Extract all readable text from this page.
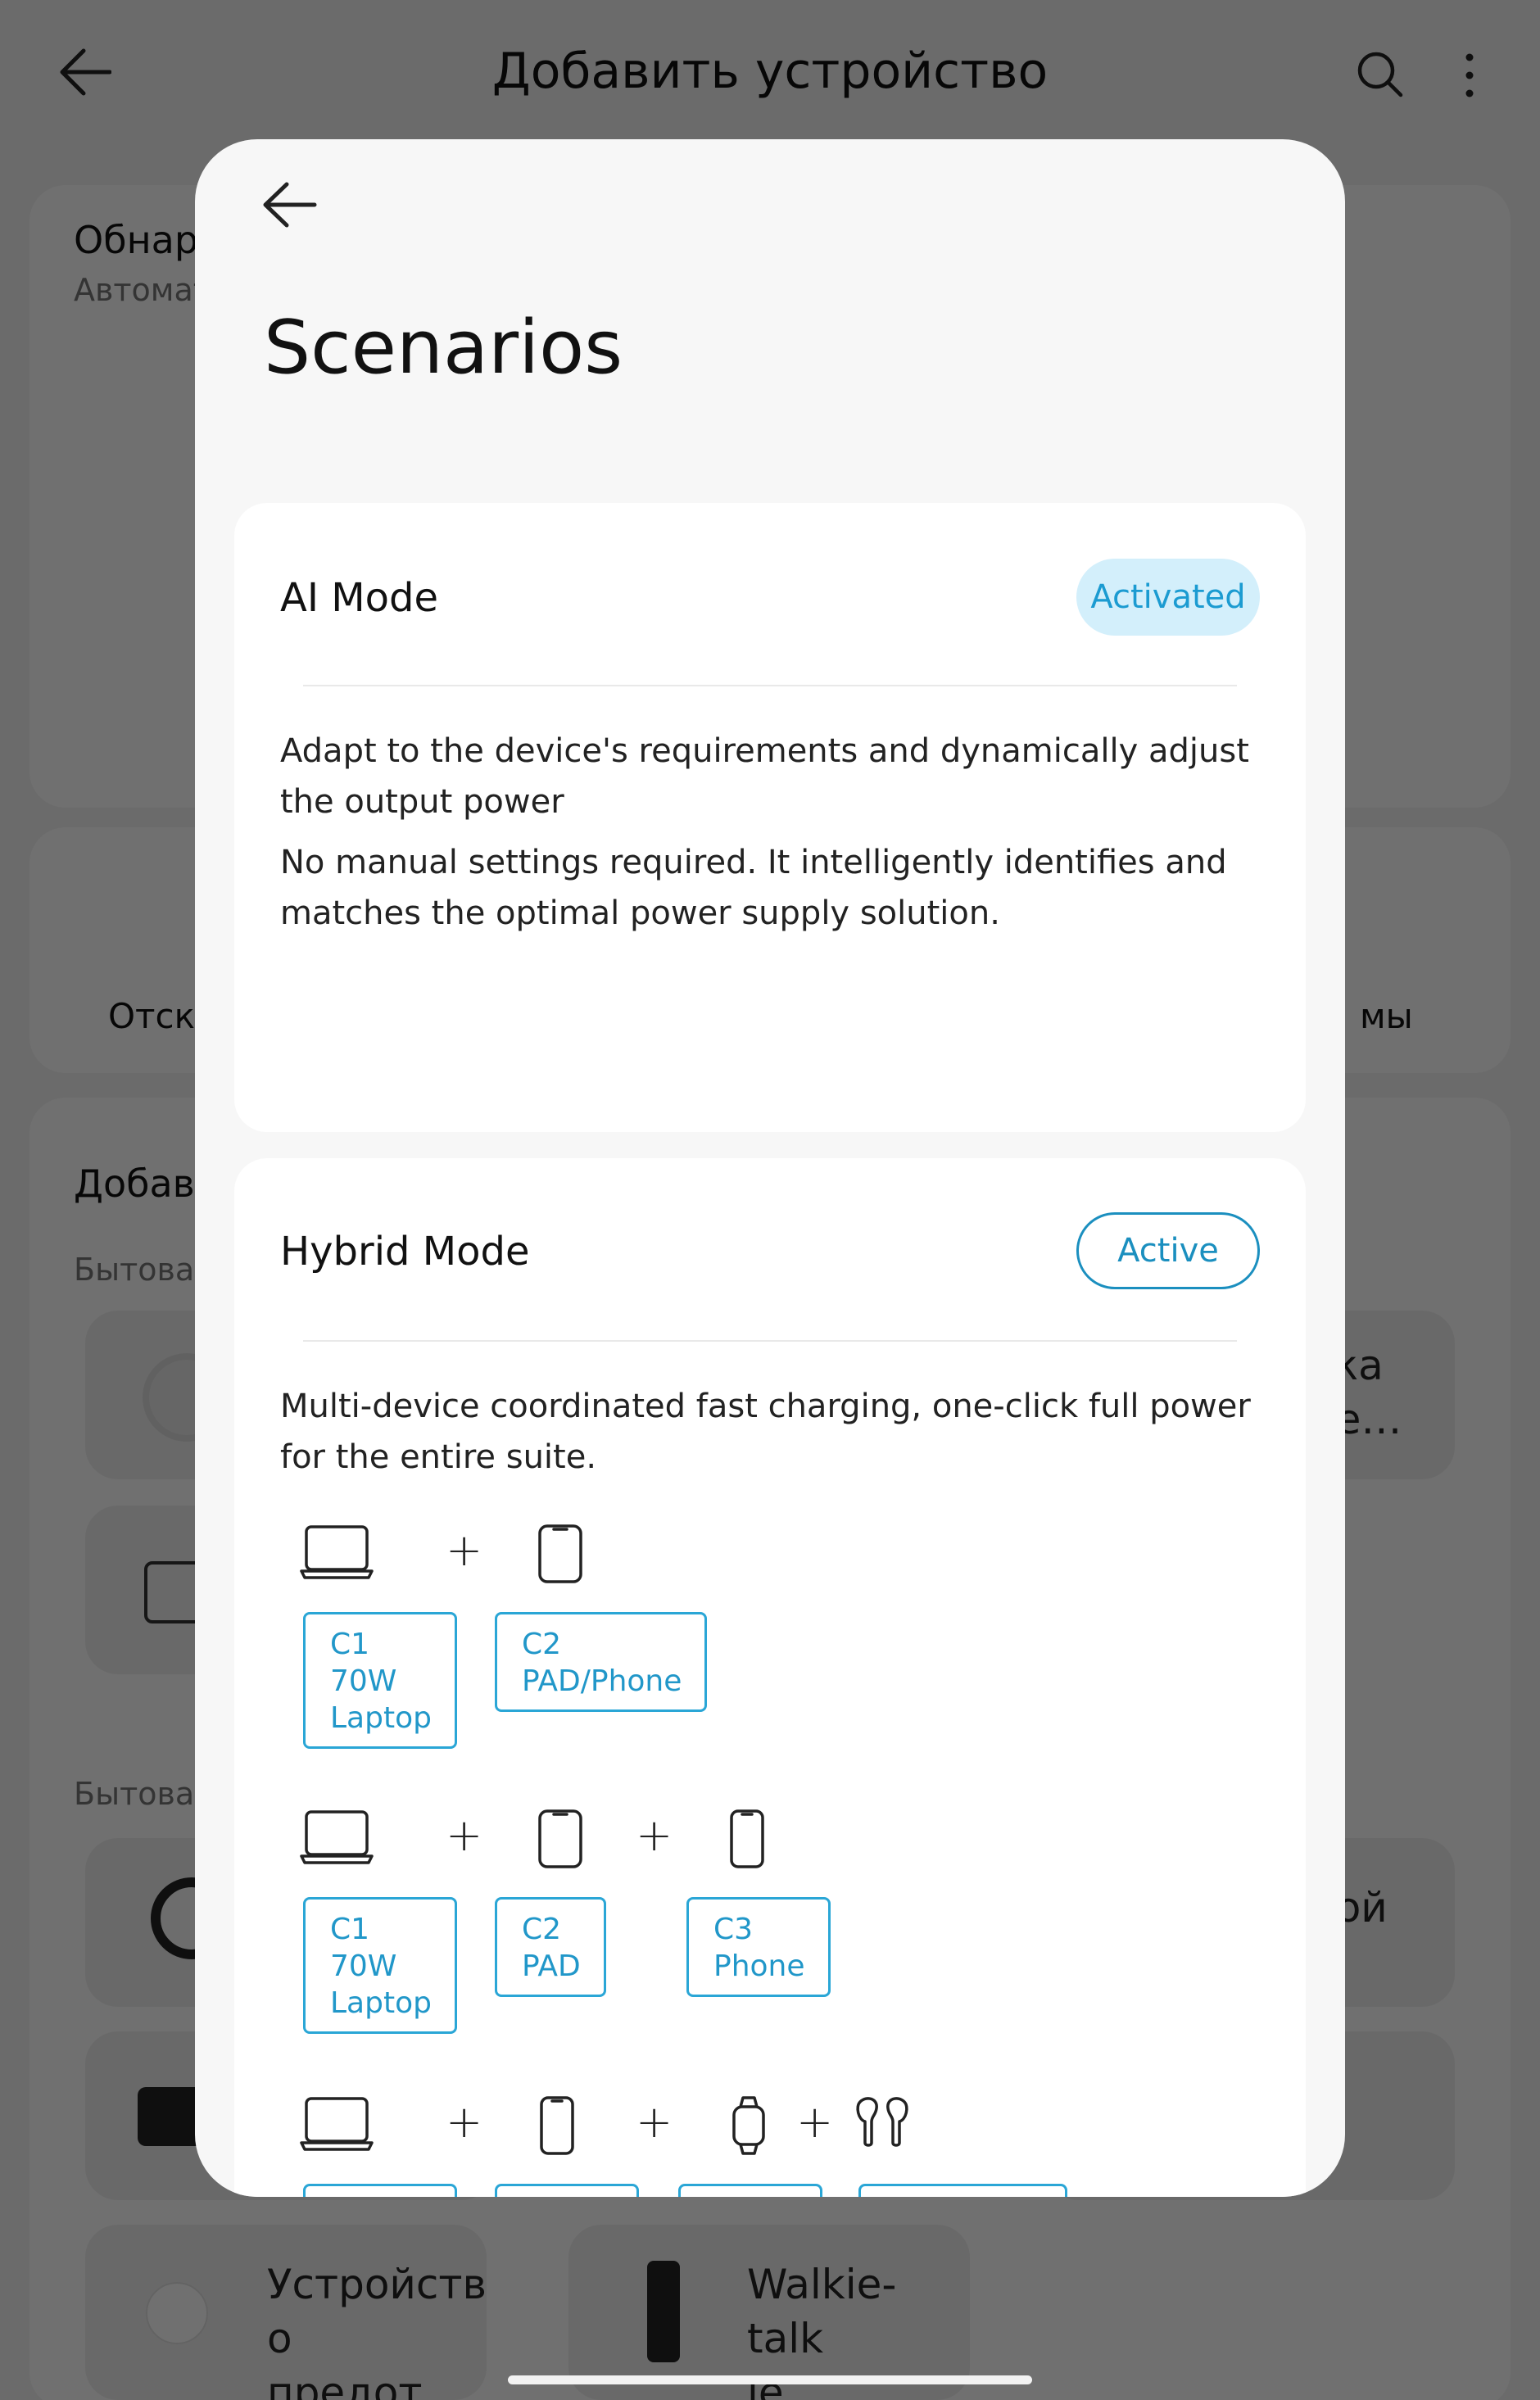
Scenarios
AI Mode	Activated
Adapt to the device's requirements and dynamically adjust the output power
No manual settings required. It intelligently identifies and matches the optimal power supply solution.
Hybrid Mode	Active
Multi-device coordinated fast charging, one-click full power for the entire suite.
+
C1
70W
Laptop
C2
PAD/Phone
+	+
C1
70W
Laptop
C2
PAD
C3
Phone
+	+	+
